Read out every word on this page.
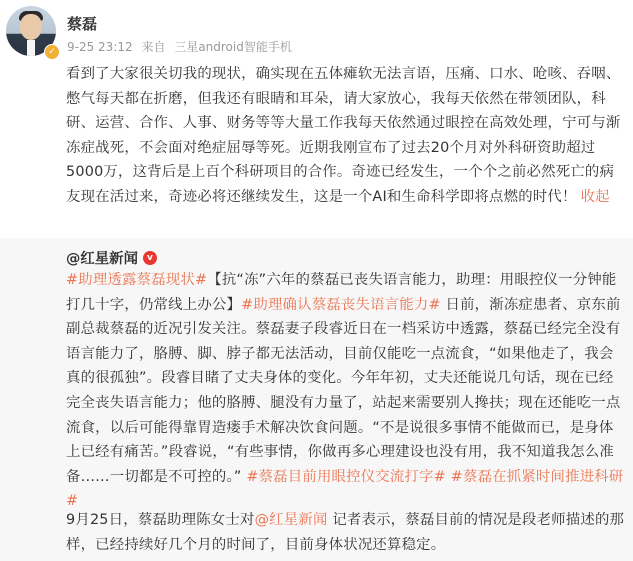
✓
蔡磊
9-25 23:12 来自 三星android智能手机
看到了大家很关切我的现状，确实现在五体瘫软无法言语，压痛、口水、呛咳、吞咽、憋气每天都在折磨，但我还有眼睛和耳朵，请大家放心，我每天依然在带领团队，科研、运营、合作、人事、财务等等大量工作我每天依然通过眼控在高效处理，宁可与渐冻症战死，不会面对绝症屈辱等死。近期我刚宣布了过去20个月对外科研资助超过5000万，这背后是上百个科研项目的合作。奇迹已经发生，一个个之前必然死亡的病友现在活过来，奇迹必将还继续发生，这是一个AI和生命科学即将点燃的时代！ 收起
@红星新闻	v
#助理透露蔡磊现状#【抗“冻”六年的蔡磊已丧失语言能力，助理：用眼控仪一分钟能打几十字，仍常线上办公】#助理确认蔡磊丧失语言能力# 日前，渐冻症患者、京东前副总裁蔡磊的近况引发关注。蔡磊妻子段睿近日在一档采访中透露，蔡磊已经完全没有语言能力了，胳膊、脚、脖子都无法活动，目前仅能吃一点流食，“如果他走了，我会真的很孤独”。段睿目睹了丈夫身体的变化。今年年初，丈夫还能说几句话，现在已经完全丧失语言能力；他的胳膊、腿没有力量了，站起来需要别人搀扶；现在还能吃一点流食，以后可能得靠胃造瘘手术解决饮食问题。“不是说很多事情不能做而已，是身体上已经有痛苦。”段睿说，“有些事情，你做再多心理建设也没有用，我不知道我怎么准备……一切都是不可控的。” #蔡磊目前用眼控仪交流打字# #蔡磊在抓紧时间推进科研#
9月25日，蔡磊助理陈女士对@红星新闻 记者表示，蔡磊目前的情况是段老师描述的那样，已经持续好几个月的时间了，目前身体状况还算稳定。
